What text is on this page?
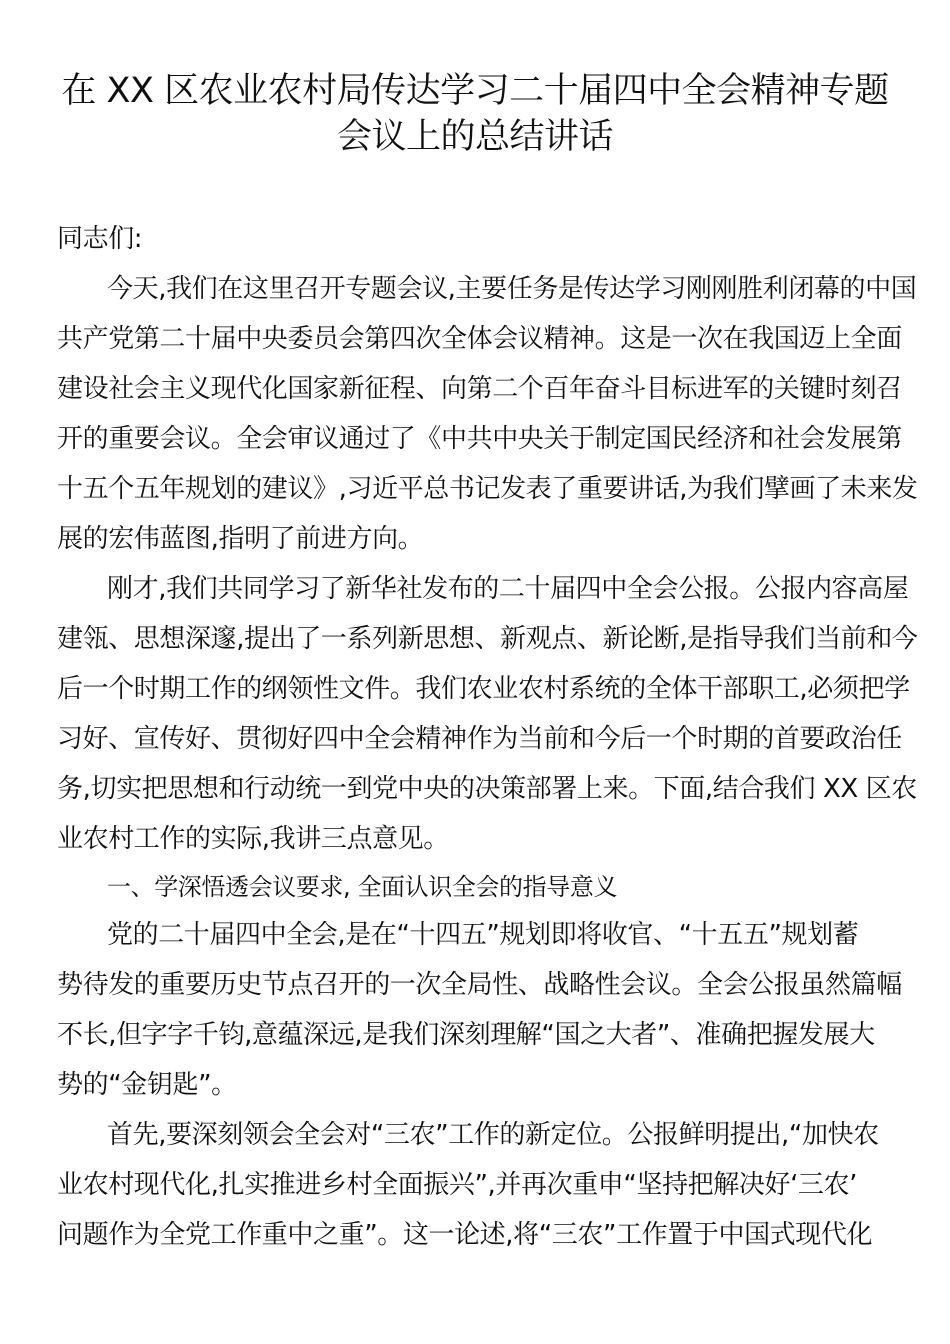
在 XX 区农业农村局传达学习二十届四中全会精神专题
会议上的总结讲话
同志们:
今天,我们在这里召开专题会议,主要任务是传达学习刚刚胜利闭幕的中国
共产党第二十届中央委员会第四次全体会议精神。这是一次在我国迈上全面
建设社会主义现代化国家新征程、向第二个百年奋斗目标进军的关键时刻召
开的重要会议。全会审议通过了《中共中央关于制定国民经济和社会发展第
十五个五年规划的建议》,习近平总书记发表了重要讲话,为我们擘画了未来发
展的宏伟蓝图,指明了前进方向。
刚才,我们共同学习了新华社发布的二十届四中全会公报。公报内容高屋
建瓴、思想深邃,提出了一系列新思想、新观点、新论断,是指导我们当前和今
后一个时期工作的纲领性文件。我们农业农村系统的全体干部职工,必须把学
习好、宣传好、贯彻好四中全会精神作为当前和今后一个时期的首要政治任
务,切实把思想和行动统一到党中央的决策部署上来。下面,结合我们 XX 区农
业农村工作的实际,我讲三点意见。
一、学深悟透会议要求, 全面认识全会的指导意义
党的二十届四中全会,是在“十四五”规划即将收官、“十五五”规划蓄
势待发的重要历史节点召开的一次全局性、战略性会议。全会公报虽然篇幅
不长,但字字千钧,意蕴深远,是我们深刻理解“国之大者”、准确把握发展大
势的“金钥匙”。
首先,要深刻领会全会对“三农”工作的新定位。公报鲜明提出,“加快农
业农村现代化,扎实推进乡村全面振兴”,并再次重申“坚持把解决好‘三农’
问题作为全党工作重中之重”。这一论述,将“三农”工作置于中国式现代化
